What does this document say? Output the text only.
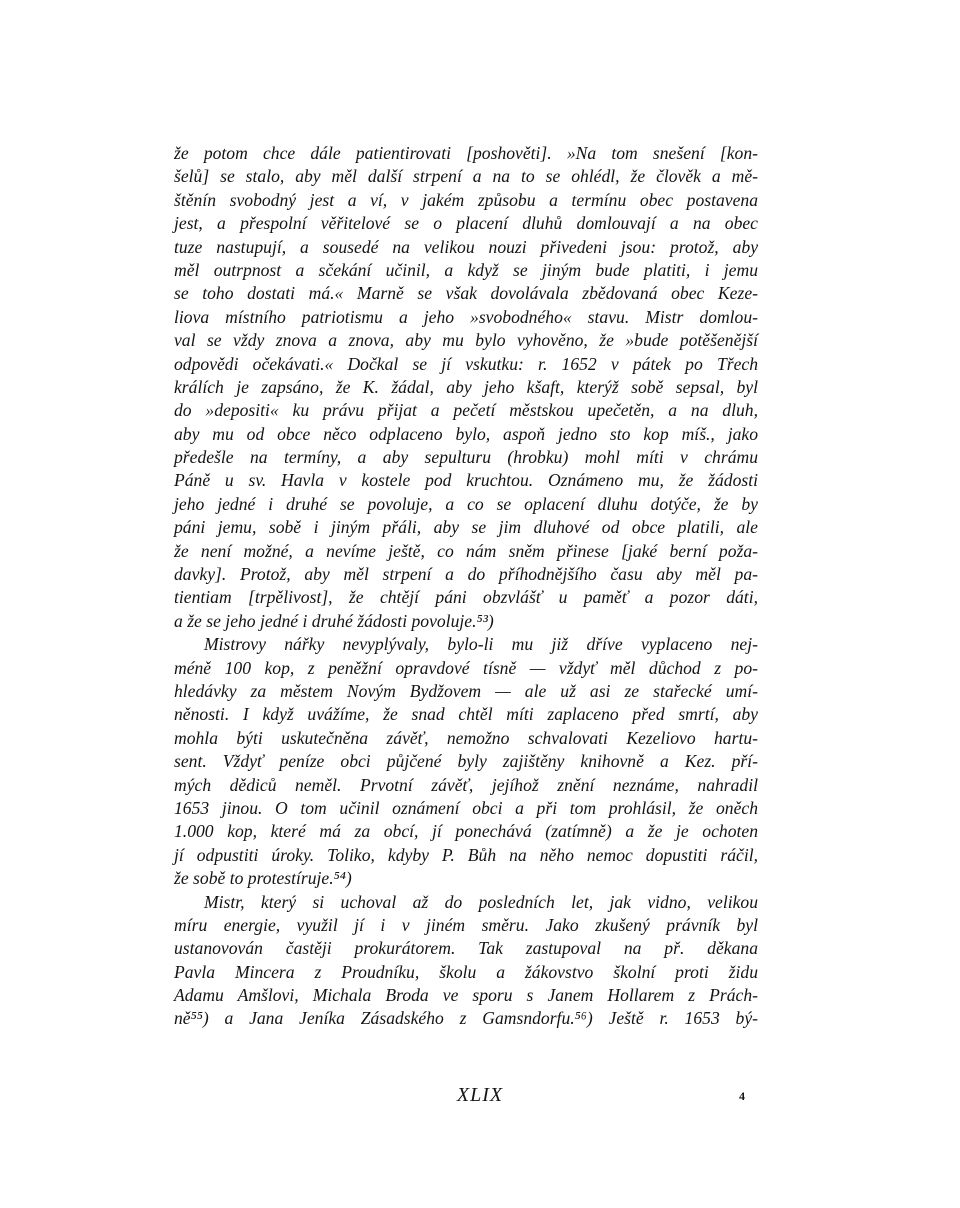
že potom chce dále patientirovati [poshověti]. »Na tom snešení [kon-
šelů] se stalo, aby měl další strpení a na to se ohlédl, že člověk a mě-
štěnín svobodný jest a ví, v jakém způsobu a termínu obec postavena
jest, a přespolní věřitelové se o placení dluhů domlouvají a na obec
tuze nastupují, a sousedé na velikou nouzi přivedeni jsou: protož, aby
měl outrpnost a sčekání učinil, a když se jiným bude platiti, i jemu
se toho dostati má.« Marně se však dovolávala zbědovaná obec Keze-
liova místního patriotismu a jeho »svobodného« stavu. Mistr domlou-
val se vždy znova a znova, aby mu bylo vyhověno, že »bude potěšenější
odpovědi očekávati.« Dočkal se jí vskutku: r. 1652 v pátek po Třech
králích je zapsáno, že K. žádal, aby jeho kšaft, kterýž sobě sepsal, byl
do »depositi« ku právu přijat a pečetí městskou upečetěn, a na dluh,
aby mu od obce něco odplaceno bylo, aspoň jedno sto kop míš., jako
předešle na termíny, a aby sepulturu (hrobku) mohl míti v chrámu
Páně u sv. Havla v kostele pod kruchtou. Oznámeno mu, že žádosti
jeho jedné i druhé se povoluje, a co se oplacení dluhu dotýče, že by
páni jemu, sobě i jiným přáli, aby se jim dluhové od obce platili, ale
že není možné, a nevíme ještě, co nám sněm přinese [jaké berní poža-
davky]. Protož, aby měl strpení a do příhodnějšího času aby měl pa-
tientiam [trpělivost], že chtějí páni obzvlášť u paměť a pozor dáti,
a že se jeho jedné i druhé žádosti povoluje.⁵³)
Mistrovy nářky nevyplývaly, bylo-li mu již dříve vyplaceno nej-
méně 100 kop, z peněžní opravdové tísně — vždyť měl důchod z po-
hledávky za městem Novým Bydžovem — ale už asi ze stařecké umí-
něnosti. I když uvážíme, že snad chtěl míti zaplaceno před smrtí, aby
mohla býti uskutečněna závěť, nemožno schvalovati Kezeliovo hartu-
sent. Vždyť peníze obci půjčené byly zajištěny knihovně a Kez. pří-
mých dědiců neměl. Prvotní závěť, jejíhož znění neznáme, nahradil
1653 jinou. O tom učinil oznámení obci a při tom prohlásil, že oněch
1.000 kop, které má za obcí, jí ponechává (zatímně) a že je ochoten
jí odpustiti úroky. Toliko, kdyby P. Bůh na něho nemoc dopustiti ráčil,
že sobě to protestíruje.⁵⁴)
Mistr, který si uchoval až do posledních let, jak vidno, velikou
míru energie, využil jí i v jiném směru. Jako zkušený právník byl
ustanovován častěji prokurátorem. Tak zastupoval na př. děkana
Pavla Mincera z Proudníku, školu a žákovstvo školní proti židu
Adamu Amšlovi, Michala Broda ve sporu s Janem Hollarem z Prách-
ně⁵⁵) a Jana Jeníka Zásadského z Gamsndorfu.⁵⁶) Ještě r. 1653 bý-
XLIX	4
